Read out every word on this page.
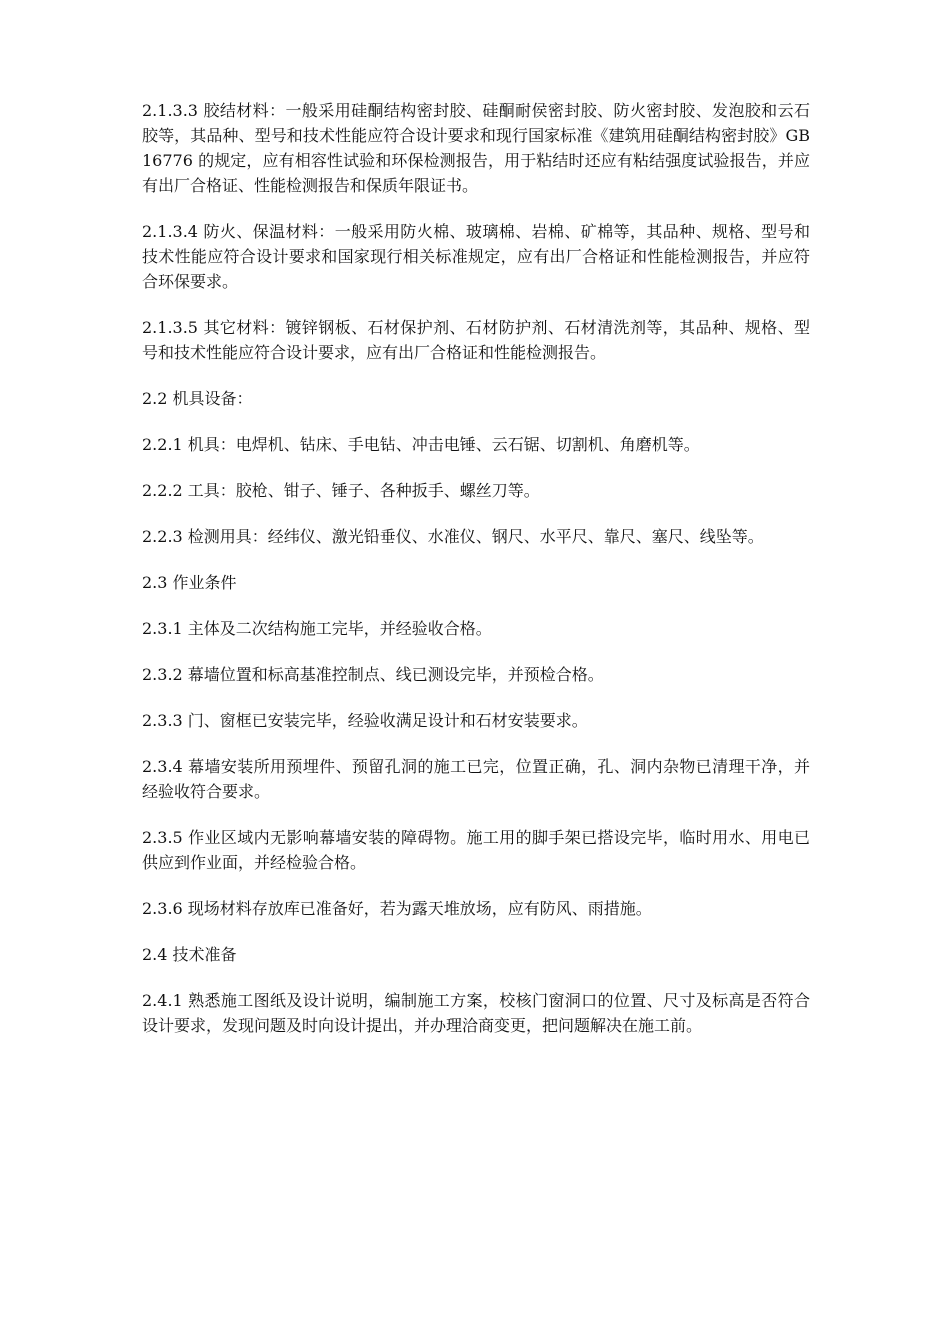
2.1.3.3 胶结材料：一般采用硅酮结构密封胶、硅酮耐侯密封胶、防火密封胶、发泡胶和云石胶等，其品种、型号和技术性能应符合设计要求和现行国家标准《建筑用硅酮结构密封胶》GB16776 的规定，应有相容性试验和环保检测报告，用于粘结时还应有粘结强度试验报告，并应有出厂合格证、性能检测报告和保质年限证书。

2.1.3.4 防火、保温材料：一般采用防火棉、玻璃棉、岩棉、矿棉等，其品种、规格、型号和技术性能应符合设计要求和国家现行相关标准规定，应有出厂合格证和性能检测报告，并应符合环保要求。

2.1.3.5 其它材料：镀锌钢板、石材保护剂、石材防护剂、石材清洗剂等，其品种、规格、型号和技术性能应符合设计要求，应有出厂合格证和性能检测报告。

2.2 机具设备：

2.2.1 机具：电焊机、钻床、手电钻、冲击电锤、云石锯、切割机、角磨机等。

2.2.2 工具：胶枪、钳子、锤子、各种扳手、螺丝刀等。

2.2.3 检测用具：经纬仪、激光铅垂仪、水准仪、钢尺、水平尺、靠尺、塞尺、线坠等。

2.3 作业条件

2.3.1 主体及二次结构施工完毕，并经验收合格。

2.3.2 幕墙位置和标高基准控制点、线已测设完毕，并预检合格。

2.3.3 门、窗框已安装完毕，经验收满足设计和石材安装要求。

2.3.4 幕墙安装所用预埋件、预留孔洞的施工已完，位置正确，孔、洞内杂物已清理干净，并经验收符合要求。

2.3.5 作业区域内无影响幕墙安装的障碍物。施工用的脚手架已搭设完毕，临时用水、用电已供应到作业面，并经检验合格。

2.3.6 现场材料存放库已准备好，若为露天堆放场，应有防风、雨措施。

2.4 技术准备

2.4.1 熟悉施工图纸及设计说明，编制施工方案，校核门窗洞口的位置、尺寸及标高是否符合设计要求，发现问题及时向设计提出，并办理洽商变更，把问题解决在施工前。
